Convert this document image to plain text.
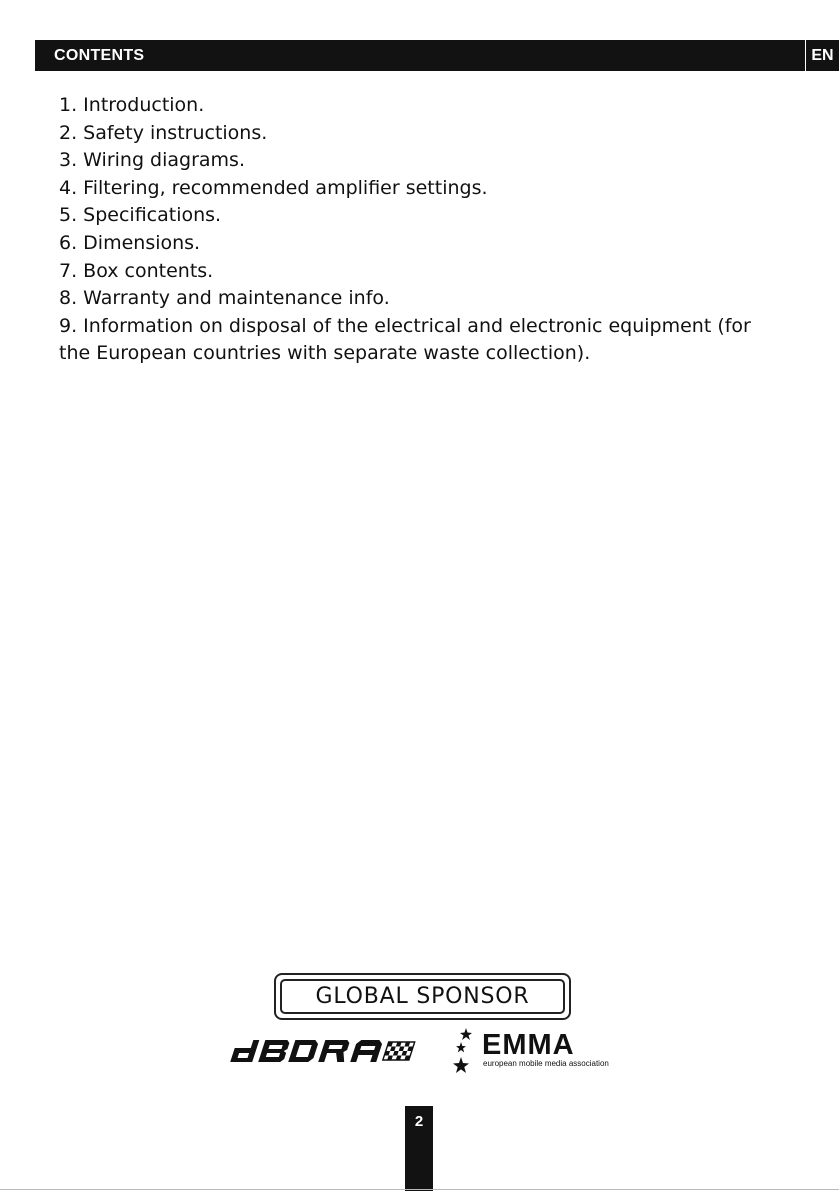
CONTENTS	EN
1. Introduction.
2. Safety instructions.
3. Wiring diagrams.
4. Filtering, recommended amplifier settings.
5. Specifications.
6. Dimensions.
7. Box contents.
8. Warranty and maintenance info.
9. Information on disposal of the electrical and electronic equipment (for the European countries with separate waste collection).
GLOBAL SPONSOR
EMMA
european mobile media association
2
